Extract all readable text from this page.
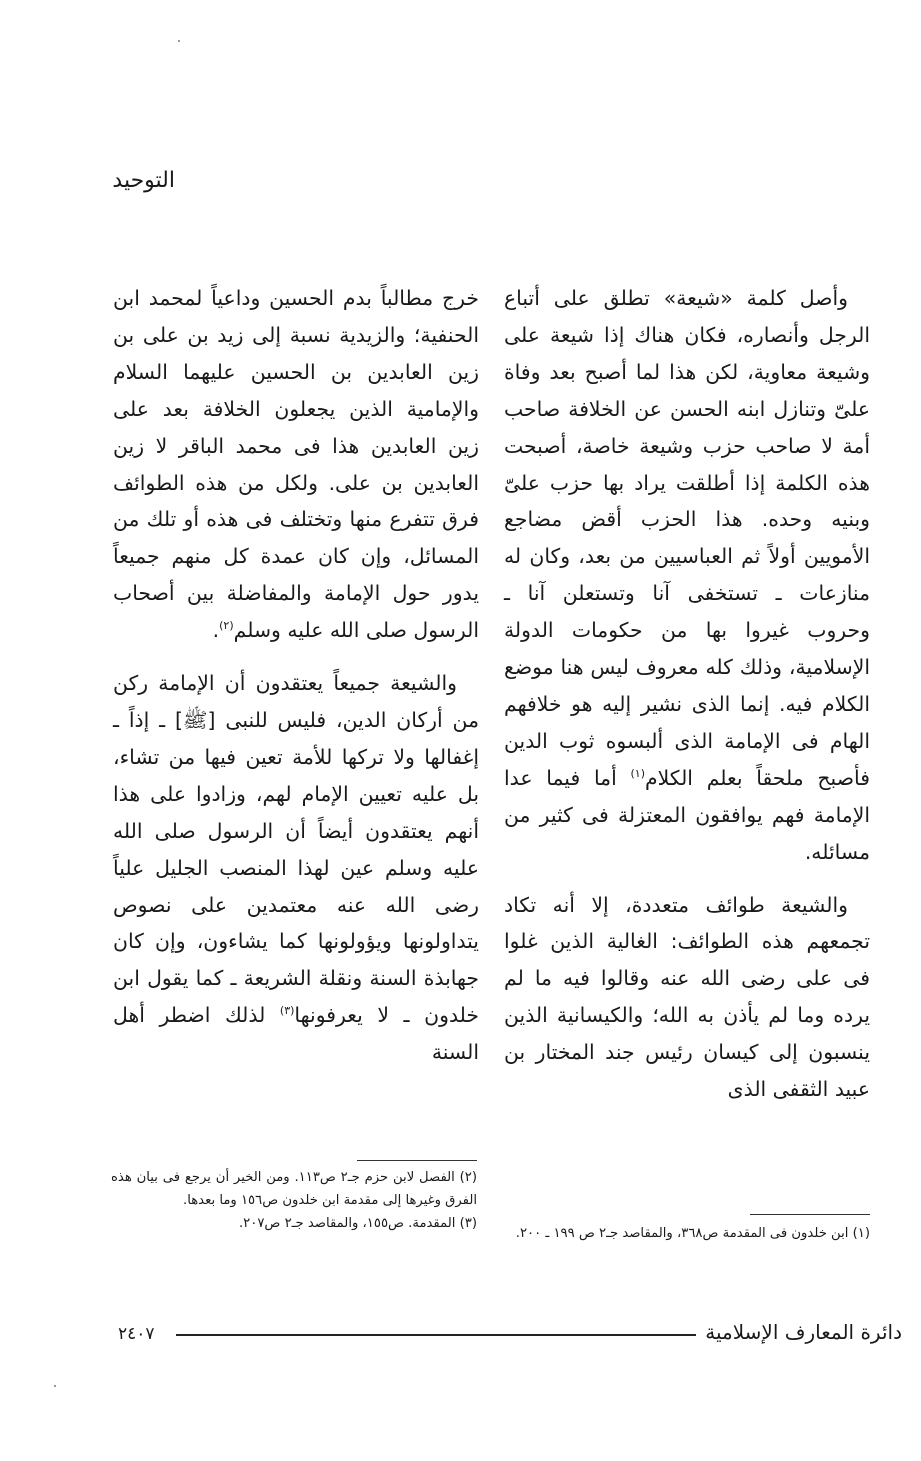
التوحيد

وأصل كلمة «شيعة» تطلق على أتباع الرجل وأنصاره، فكان هناك إذا شيعة على وشيعة معاوية، لكن هذا لما أصبح بعد وفاة علىّ وتنازل ابنه الحسن عن الخلافة صاحب أمة لا صاحب حزب وشيعة خاصة، أصبحت هذه الكلمة إذا أطلقت يراد بها حزب علىّ وبنيه وحده. هذا الحزب أقض مضاجع الأمويين أولاً ثم العباسيين من بعد، وكان له منازعات ـ تستخفى آنا وتستعلن آنا ـ وحروب غيروا بها من حكومات الدولة الإسلامية، وذلك كله معروف ليس هنا موضع الكلام فيه. إنما الذى نشير إليه هو خلافهم الهام فى الإمامة الذى ألبسوه ثوب الدين فأصبح ملحقاً بعلم الكلام$^{(١)}$ أما فيما عدا الإمامة فهم يوافقون المعتزلة فى كثير من مسائله.

والشيعة طوائف متعددة، إلا أنه تكاد تجمعهم هذه الطوائف: الغالية الذين غلوا فى على رضى الله عنه وقالوا فيه ما لم يرده وما لم يأذن به الله؛ والكيسانية الذين ينسبون إلى كيسان رئيس جند المختار بن عبيد الثقفى الذى

خرج مطالباً بدم الحسين وداعياً لمحمد ابن الحنفية؛ والزيدية نسبة إلى زيد بن على بن زين العابدين بن الحسين عليهما السلام والإمامية الذين يجعلون الخلافة بعد على زين العابدين هذا فى محمد الباقر لا زين العابدين بن على. ولكل من هذه الطوائف فرق تتفرع منها وتختلف فى هذه أو تلك من المسائل، وإن كان عمدة كل منهم جميعاً يدور حول الإمامة والمفاضلة بين أصحاب الرسول صلى الله عليه وسلم$^{(٢)}$.

والشيعة جميعاً يعتقدون أن الإمامة ركن من أركان الدين، فليس للنبى [ﷺ] ـ إذاً ـ إغفالها ولا تركها للأمة تعين فيها من تشاء، بل عليه تعيين الإمام لهم، وزادوا على هذا أنهم يعتقدون أيضاً أن الرسول صلى الله عليه وسلم عين لهذا المنصب الجليل علياً رضى الله عنه معتمدين على نصوص يتداولونها ويؤولونها كما يشاءون، وإن كان جهابذة السنة ونقلة الشريعة ـ كما يقول ابن خلدون ـ لا يعرفونها$^{(٣)}$ لذلك اضطر أهل السنة

(١) ابن خلدون فى المقدمة ص٣٦٨، والمقاصد جـ٢ ص ١٩٩ ـ ٢٠٠.

(٢) الفصل لابن حزم جـ٢ ص١١٣. ومن الخير أن يرجع فى بيان هذه الفرق وغيرها إلى مقدمة ابن خلدون ص١٥٦ وما بعدها.

(٣) المقدمة. ص١٥٥، والمقاصد جـ٢ ص٢٠٧.

دائرة المعارف الإسلامية
٢٤٠٧
